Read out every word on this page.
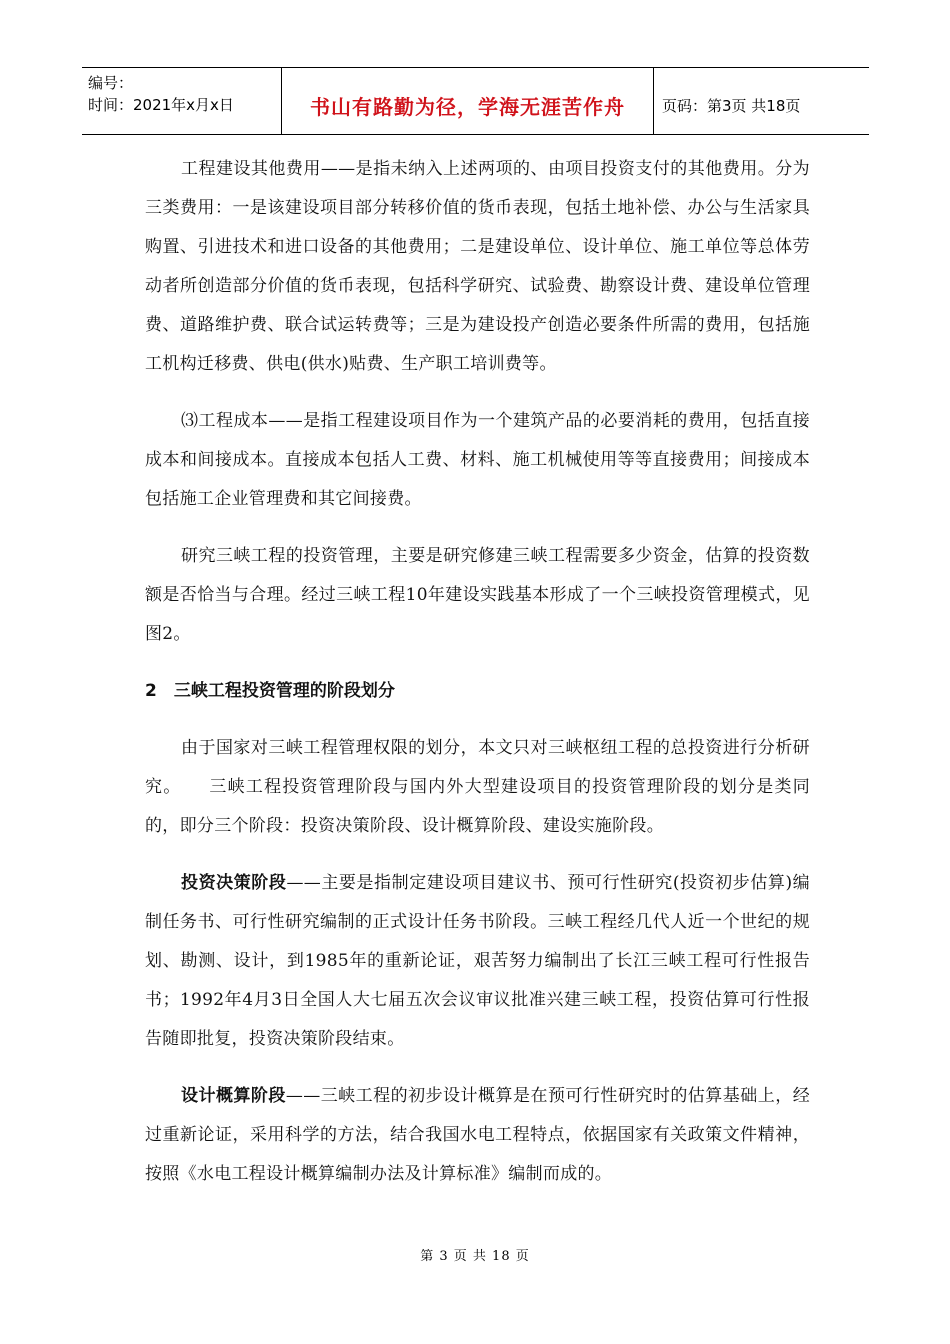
编号：
时间：2021年x月x日	书山有路勤为径，学海无涯苦作舟 页码：第3页 共18页

工程建设其他费用——是指未纳入上述两项的、由项目投资支付的其他费用。分为三类费用：一是该建设项目部分转移价值的货币表现，包括土地补偿、办公与生活家具购置、引进技术和进口设备的其他费用；二是建设单位、设计单位、施工单位等总体劳动者所创造部分价值的货币表现，包括科学研究、试验费、勘察设计费、建设单位管理费、道路维护费、联合试运转费等；三是为建设投产创造必要条件所需的费用，包括施工机构迁移费、供电(供水)贴费、生产职工培训费等。

⑶工程成本——是指工程建设项目作为一个建筑产品的必要消耗的费用，包括直接成本和间接成本。直接成本包括人工费、材料、施工机械使用等等直接费用；间接成本包括施工企业管理费和其它间接费。

研究三峡工程的投资管理，主要是研究修建三峡工程需要多少资金，估算的投资数额是否恰当与合理。经过三峡工程10年建设实践基本形成了一个三峡投资管理模式，见图2。

2　三峡工程投资管理的阶段划分

由于国家对三峡工程管理权限的划分，本文只对三峡枢纽工程的总投资进行分析研究。　　三峡工程投资管理阶段与国内外大型建设项目的投资管理阶段的划分是类同的，即分三个阶段：投资决策阶段、设计概算阶段、建设实施阶段。

投资决策阶段——主要是指制定建设项目建议书、预可行性研究(投资初步估算)编制任务书、可行性研究编制的正式设计任务书阶段。三峡工程经几代人近一个世纪的规划、勘测、设计，到1985年的重新论证，艰苦努力编制出了长江三峡工程可行性报告书；1992年4月3日全国人大七届五次会议审议批准兴建三峡工程，投资估算可行性报告随即批复，投资决策阶段结束。

设计概算阶段——三峡工程的初步设计概算是在预可行性研究时的估算基础上，经过重新论证，采用科学的方法，结合我国水电工程特点，依据国家有关政策文件精神，按照《水电工程设计概算编制办法及计算标准》编制而成的。

第 3 页 共 18 页
